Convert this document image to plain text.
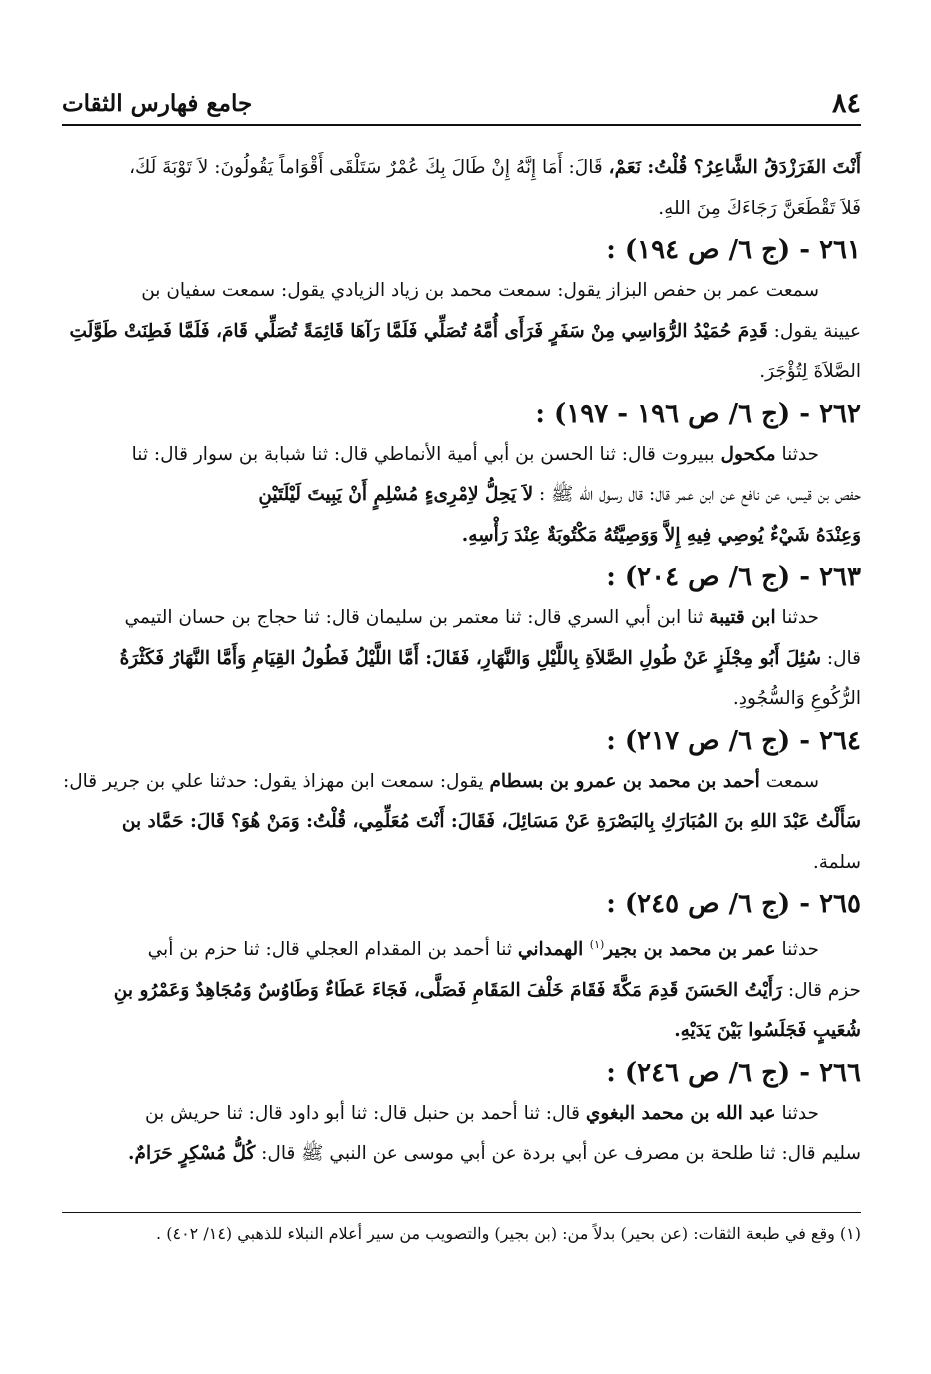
٨٤
جامع فهارس الثقات

أَنْتَ الفَرَزْدَقُ الشَّاعِرُ؟ قُلْتُ: نَعَمْ، قَالَ: أَمَا إِنَّهُ إِنْ طَالَ بِكَ عُمْرٌ سَتَلْقَى أَقْوَاماً يَقُولُونَ: لاَ تَوْبَةَ لَكَ،

فَلاَ تَقْطَعَنَّ رَجَاءَكَ مِنَ اللهِ.

٢٦١ - (ج ٦/ ص ١٩٤) :

سمعت عمر بن حفص البزاز يقول: سمعت محمد بن زياد الزيادي يقول: سمعت سفيان بن

عيينة يقول: قَدِمَ حُمَيْدُ الرُّوَاسِي مِنْ سَفَرٍ فَرَأَى أُمَّهُ تُصَلِّي فَلَمَّا رَآهَا قَائِمَةً تُصَلِّي قَامَ، فَلَمَّا فَطِنَتْ طَوَّلَتِ

الصَّلاَةَ لِتُؤْجَرَ.

٢٦٢ - (ج ٦/ ص ١٩٦ - ١٩٧) :

حدثنا مكحول ببيروت قال: ثنا الحسن بن أبي أمية الأنماطي قال: ثنا شبابة بن سوار قال: ثنا

حفص بن قيس، عن نافع عن ابن عمر قال: قال رسول الله ﷺ : لاَ يَحِلُّ لاِمْرِىءٍ مُسْلِمٍ أَنْ يَبِيتَ لَيْلَتَيْنِ

وَعِنْدَهُ شَيْءٌ يُوصِي فِيهِ إِلاَّ وَوَصِيَّتُهُ مَكْتُوبَةٌ عِنْدَ رَأْسِهِ.

٢٦٣ - (ج ٦/ ص ٢٠٤) :

حدثنا ابن قتيبة ثنا ابن أبي السري قال: ثنا معتمر بن سليمان قال: ثنا حجاج بن حسان التيمي

قال: سُئِلَ أَبُو مِجْلَزٍ عَنْ طُولِ الصَّلاَةِ بِاللَّيْلِ وَالنَّهَارِ، فَقَالَ: أَمَّا اللَّيْلُ فَطُولُ القِيَامِ وَأَمَّا النَّهَارُ فَكَثْرَةُ

الرُّكُوعِ وَالسُّجُودِ.

٢٦٤ - (ج ٦/ ص ٢١٧) :

سمعت أحمد بن محمد بن عمرو بن بسطام يقول: سمعت ابن مهزاذ يقول: حدثنا علي بن جرير قال:

سَأَلْتُ عَبْدَ اللهِ بنَ المُبَارَكِ بِالبَصْرَةِ عَنْ مَسَائِلَ، فَقَالَ: أَنْتَ مُعَلِّمِي، قُلْتُ: وَمَنْ هُوَ؟ قَالَ: حَمَّاد بن

سلمة.

٢٦٥ - (ج ٦/ ص ٢٤٥) :

حدثنا عمر بن محمد بن بجير$^{(١)}$ الهمداني ثنا أحمد بن المقدام العجلي قال: ثنا حزم بن أبي

حزم قال: رَأَيْتُ الحَسَنَ قَدِمَ مَكَّةَ فَقَامَ خَلْفَ المَقَامِ فَصَلَّى، فَجَاءَ عَطَاءٌ وَطَاوُسٌ وَمُجَاهِدٌ وَعَمْرُو بنِ

شُعَيبٍ فَجَلَسُوا بَيْنَ يَدَيْهِ.

٢٦٦ - (ج ٦/ ص ٢٤٦) :

حدثنا عبد الله بن محمد البغوي قال: ثنا أحمد بن حنبل قال: ثنا أبو داود قال: ثنا حريش بن

سليم قال: ثنا طلحة بن مصرف عن أبي بردة عن أبي موسى عن النبي ﷺ قال: كُلُّ مُسْكِرٍ حَرَامٌ.

(١) وقع في طبعة الثقات: (عن بحير) بدلاً من: (بن بجير) والتصويب من سير أعلام النبلاء للذهبي (١٤/ ٤٠٢) .
